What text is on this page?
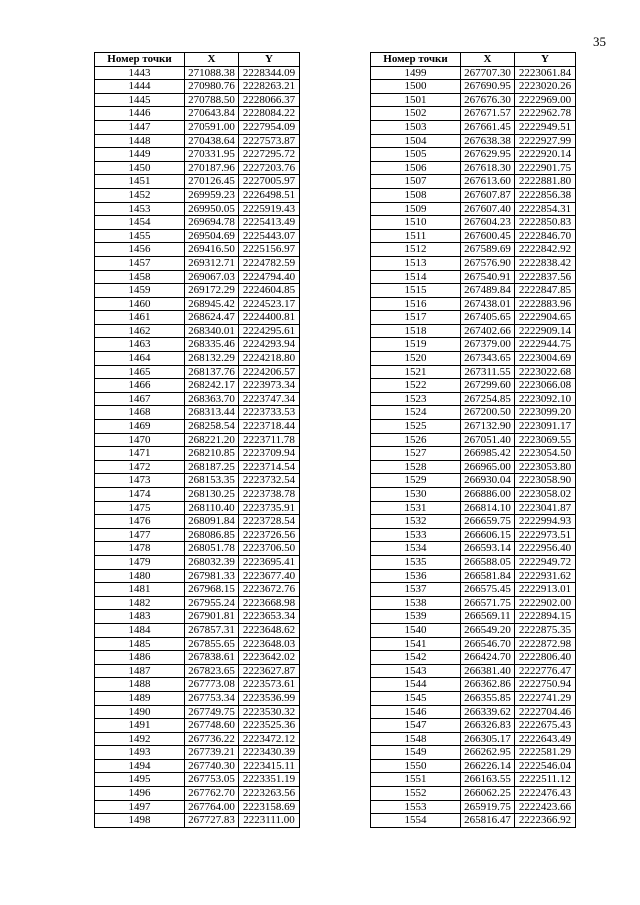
35
Номер точки	X	Y
1443	271088.38	2228344.09
1444	270980.76	2228263.21
1445	270788.50	2228066.37
1446	270643.84	2228084.22
1447	270591.00	2227954.09
1448	270438.64	2227573.87
1449	270331.95	2227295.72
1450	270187.96	2227203.76
1451	270126.45	2227005.97
1452	269959.23	2226498.51
1453	269950.05	2225919.43
1454	269694.78	2225413.49
1455	269504.69	2225443.07
1456	269416.50	2225156.97
1457	269312.71	2224782.59
1458	269067.03	2224794.40
1459	269172.29	2224604.85
1460	268945.42	2224523.17
1461	268624.47	2224400.81
1462	268340.01	2224295.61
1463	268335.46	2224293.94
1464	268132.29	2224218.80
1465	268137.76	2224206.57
1466	268242.17	2223973.34
1467	268363.70	2223747.34
1468	268313.44	2223733.53
1469	268258.54	2223718.44
1470	268221.20	2223711.78
1471	268210.85	2223709.94
1472	268187.25	2223714.54
1473	268153.35	2223732.54
1474	268130.25	2223738.78
1475	268110.40	2223735.91
1476	268091.84	2223728.54
1477	268086.85	2223726.56
1478	268051.78	2223706.50
1479	268032.39	2223695.41
1480	267981.33	2223677.40
1481	267968.15	2223672.76
1482	267955.24	2223668.98
1483	267901.81	2223653.34
1484	267857.31	2223648.62
1485	267855.65	2223648.03
1486	267838.61	2223642.02
1487	267823.65	2223627.87
1488	267773.08	2223573.61
1489	267753.34	2223536.99
1490	267749.75	2223530.32
1491	267748.60	2223525.36
1492	267736.22	2223472.12
1493	267739.21	2223430.39
1494	267740.30	2223415.11
1495	267753.05	2223351.19
1496	267762.70	2223263.56
1497	267764.00	2223158.69
1498	267727.83	2223111.00
Номер точки	X	Y
1499	267707.30	2223061.84
1500	267690.95	2223020.26
1501	267676.30	2222969.00
1502	267671.57	2222962.78
1503	267661.45	2222949.51
1504	267638.38	2222927.99
1505	267629.95	2222920.14
1506	267618.30	2222901.75
1507	267613.60	2222881.80
1508	267607.87	2222856.38
1509	267607.40	2222854.31
1510	267604.23	2222850.83
1511	267600.45	2222846.70
1512	267589.69	2222842.92
1513	267576.90	2222838.42
1514	267540.91	2222837.56
1515	267489.84	2222847.85
1516	267438.01	2222883.96
1517	267405.65	2222904.65
1518	267402.66	2222909.14
1519	267379.00	2222944.75
1520	267343.65	2223004.69
1521	267311.55	2223022.68
1522	267299.60	2223066.08
1523	267254.85	2223092.10
1524	267200.50	2223099.20
1525	267132.90	2223091.17
1526	267051.40	2223069.55
1527	266985.42	2223054.50
1528	266965.00	2223053.80
1529	266930.04	2223058.90
1530	266886.00	2223058.02
1531	266814.10	2223041.87
1532	266659.75	2222994.93
1533	266606.15	2222973.51
1534	266593.14	2222956.40
1535	266588.05	2222949.72
1536	266581.84	2222931.62
1537	266575.45	2222913.01
1538	266571.75	2222902.00
1539	266569.11	2222894.15
1540	266549.20	2222875.35
1541	266546.70	2222872.98
1542	266424.70	2222806.40
1543	266381.40	2222776.47
1544	266362.86	2222750.94
1545	266355.85	2222741.29
1546	266339.62	2222704.46
1547	266326.83	2222675.43
1548	266305.17	2222643.49
1549	266262.95	2222581.29
1550	266226.14	2222546.04
1551	266163.55	2222511.12
1552	266062.25	2222476.43
1553	265919.75	2222423.66
1554	265816.47	2222366.92
